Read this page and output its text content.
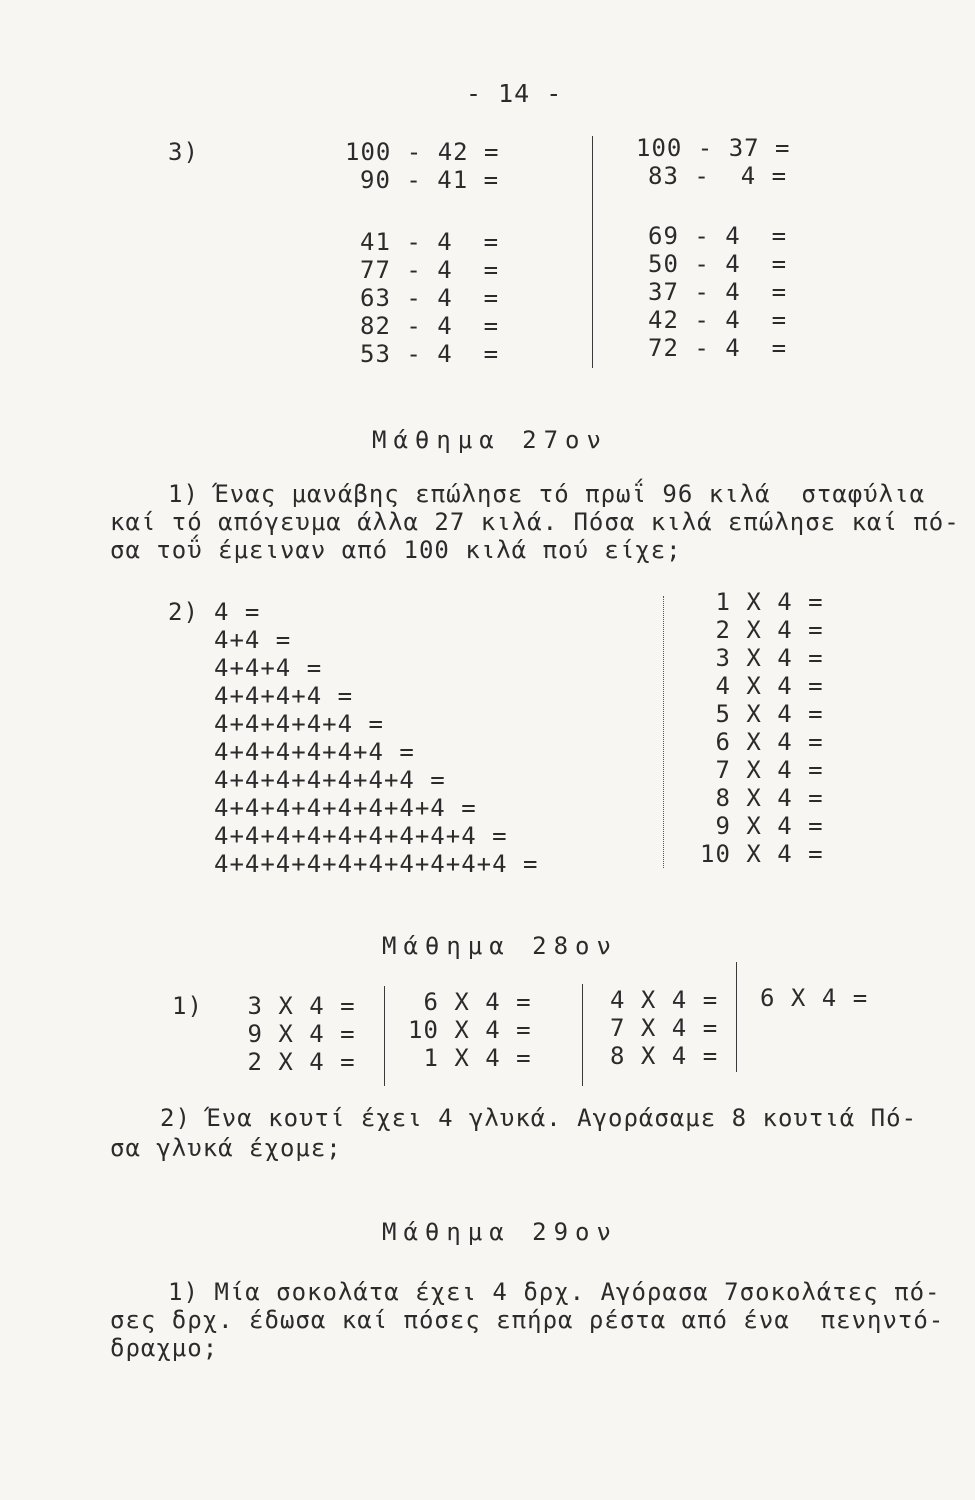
- 14 -
3)	100 - 42 =
90 - 41 =
41 - 4  =
77 - 4  =
63 - 4  =
82 - 4  =
53 - 4  =
100 - 37 =
83 -  4 =
69 - 4  =
50 - 4  =
37 - 4  =
42 - 4  =
72 - 4  =
Μάθημα 27ον
1) Ένας μανάβης επώλησε τό πρωΐ 96 κιλά  σταφύλια
καί τό απόγευμα άλλα 27 κιλά. Πόσα κιλά επώλησε καί πό-
σα τοΰ έμειναν από 100 κιλά πού είχε;
2) 4 =
4+4 =
4+4+4 =
4+4+4+4 =
4+4+4+4+4 =
4+4+4+4+4+4 =
4+4+4+4+4+4+4 =
4+4+4+4+4+4+4+4 =
4+4+4+4+4+4+4+4+4 =
4+4+4+4+4+4+4+4+4+4 =
1 X 4 =
2 X 4 =
3 X 4 =
4 X 4 =
5 X 4 =
6 X 4 =
7 X 4 =
8 X 4 =
9 X 4 =
10 X 4 =
Μάθημα 28ον
1) 3 X 4 =
9 X 4 =
2 X 4 =
6 X 4 =
10 X 4 =
1 X 4 =
4 X 4 =
7 X 4 =
8 X 4 =
6 X 4 =
2) Ένα κουτί έχει 4 γλυκά. Αγοράσαμε 8 κουτιά Πό-
σα γλυκά έχομε;
Μάθημα 29ον
1) Μία σοκολάτα έχει 4 δρχ. Αγόρασα 7σοκολάτες πό-
σες δρχ. έδωσα καί πόσες επήρα ρέστα από ένα  πενηντό-
δραχμο;
